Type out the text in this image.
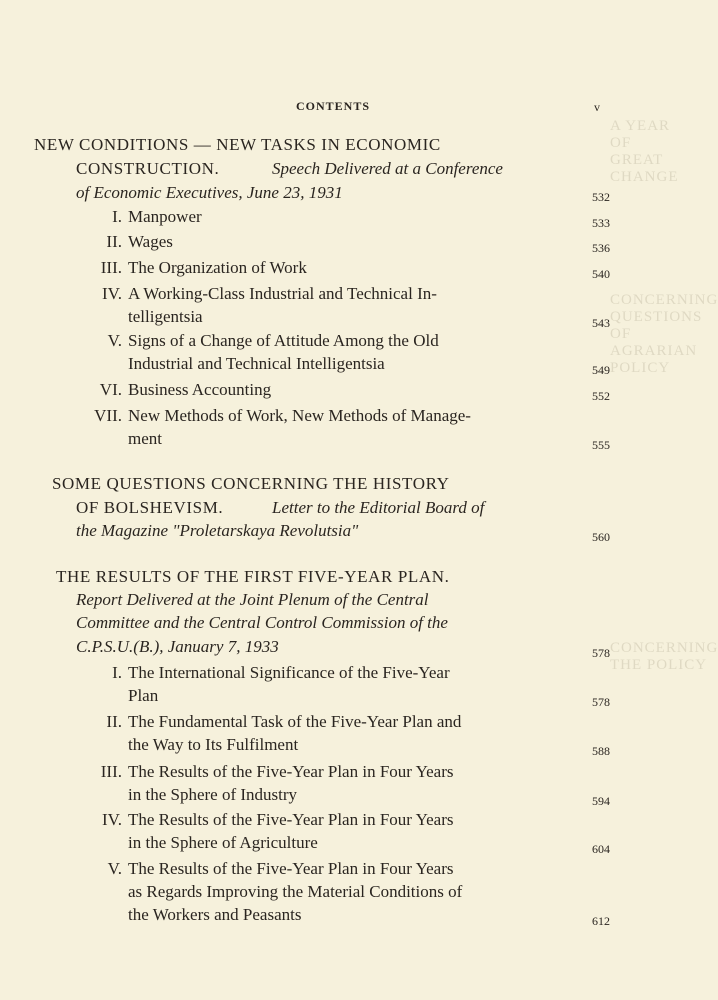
A YEAR OF GREAT CHANGE
CONCERNING QUESTIONS OF AGRARIAN POLICY
CONCERNING THE POLICY
CONTENTS	v
NEW CONDITIONS — NEW TASKS IN ECONOMIC
CONSTRUCTION.	Speech Delivered at a Conference
of Economic Executives, June 23, 1931	532
I. Manpower	533
II. Wages	536
III. The Organization of Work	540
IV. A Working-Class Industrial and Technical In-
telligentsia	543
V. Signs of a Change of Attitude Among the Old
Industrial and Technical Intelligentsia	549
VI. Business Accounting	552
VII. New Methods of Work, New Methods of Manage-
ment	555
SOME QUESTIONS CONCERNING THE HISTORY
OF BOLSHEVISM.	Letter to the Editorial Board of
the Magazine "Proletarskaya Revolutsia"	560
THE RESULTS OF THE FIRST FIVE-YEAR PLAN.
Report Delivered at the Joint Plenum of the Central
Committee and the Central Control Commission of the
C.P.S.U.(B.), January 7, 1933	578
I. The International Significance of the Five-Year
Plan	578
II. The Fundamental Task of the Five-Year Plan and
the Way to Its Fulfilment	588
III. The Results of the Five-Year Plan in Four Years
in the Sphere of Industry	594
IV. The Results of the Five-Year Plan in Four Years
in the Sphere of Agriculture	604
V. The Results of the Five-Year Plan in Four Years
as Regards Improving the Material Conditions of
the Workers and Peasants	612
